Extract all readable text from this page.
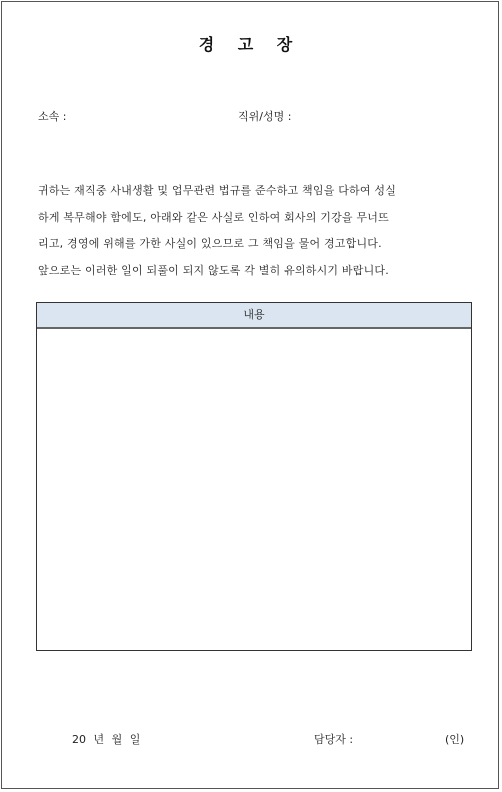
경 고 장
소속 :	직위/성명 :
귀하는 재직중 사내생활 및 업무관련 법규를 준수하고 책임을 다하여 성실
하게 복무해야 함에도, 아래와 같은 사실로 인하여 회사의 기강을 무너뜨
리고, 경영에 위해를 가한 사실이 있으므로 그 책임을 물어 경고합니다.
앞으로는 이러한 일이 되풀이 되지 않도록 각 별히 유의하시기 바랍니다.
내용
20 년 월 일	담당자 :	(인)
